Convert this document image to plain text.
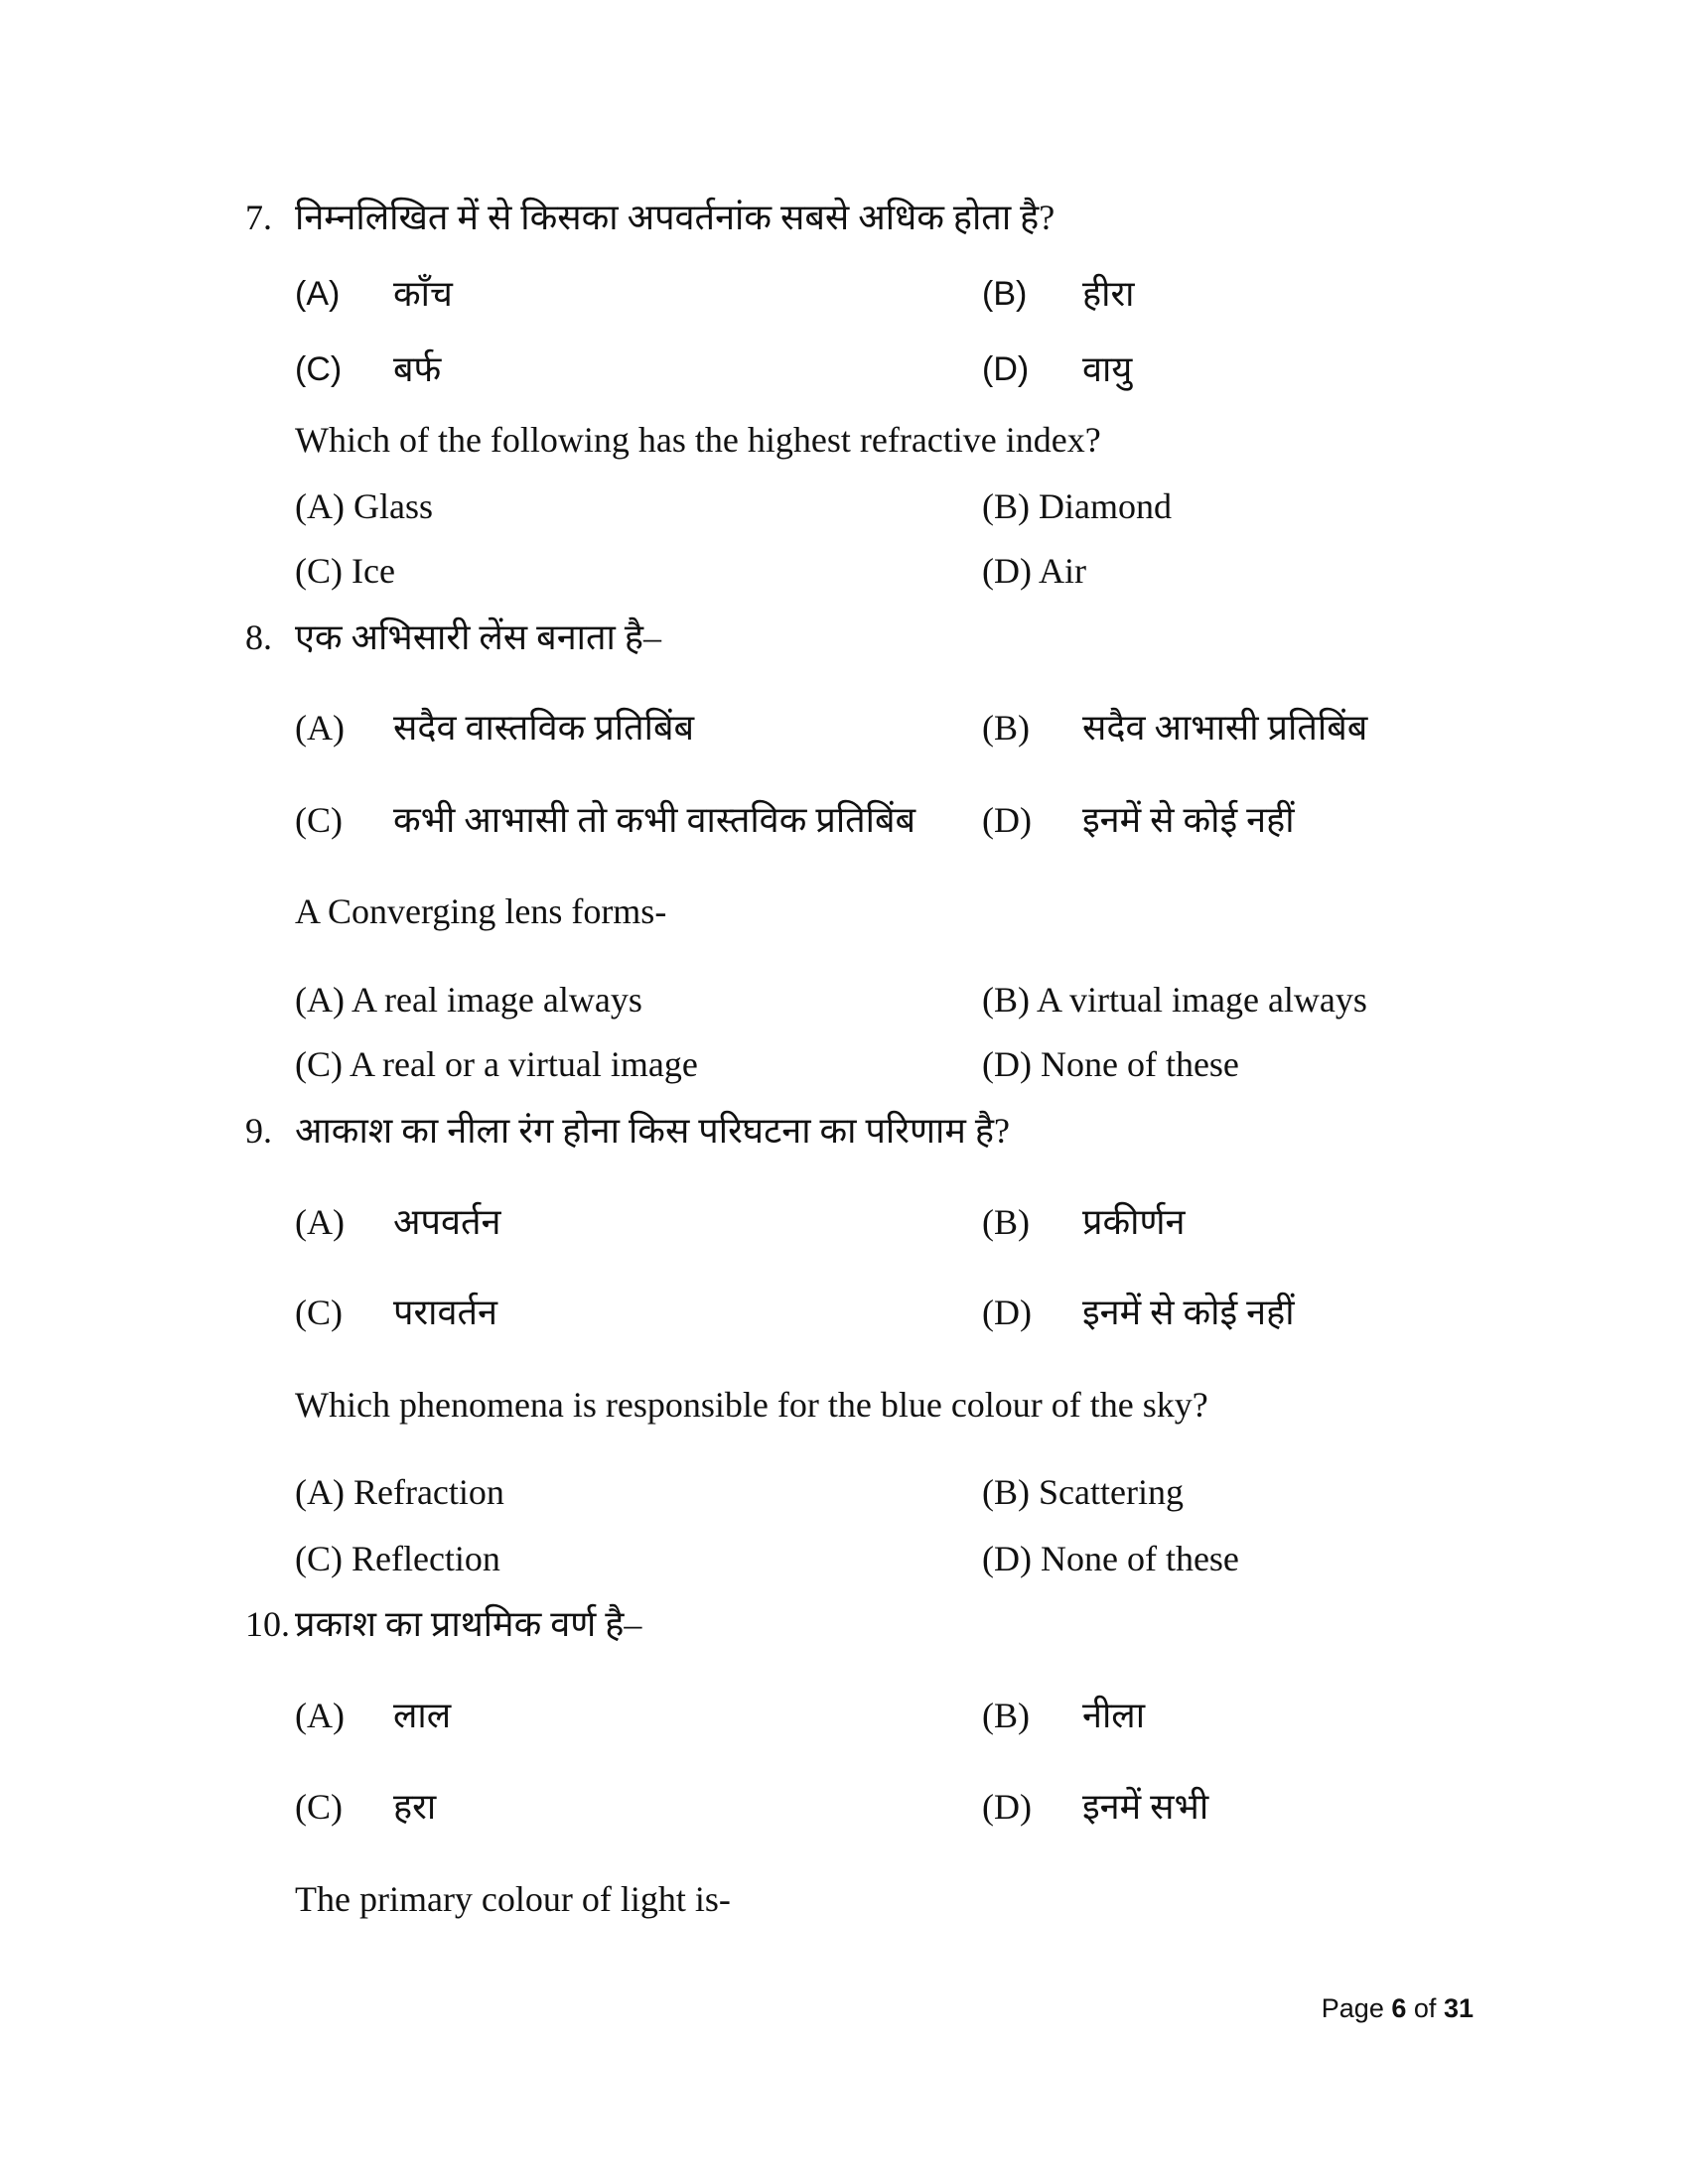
7. निम्नलिखित में से किसका अपवर्तनांक सबसे अधिक होता है?
(A) काँच	(B) हीरा
(C) बर्फ	(D) वायु
Which of the following has the highest refractive index?
(A) Glass	(B) Diamond
(C) Ice	(D) Air
8. एक अभिसारी लेंस बनाता है–
(A) सदैव वास्तविक प्रतिबिंब	(B) सदैव आभासी प्रतिबिंब
(C) कभी आभासी तो कभी वास्तविक प्रतिबिंब (D) इनमें से कोई नहीं
A Converging lens forms-
(A) A real image always	(B) A virtual image always
(C) A real or a virtual image	(D) None of these
9. आकाश का नीला रंग होना किस परिघटना का परिणाम है?
(A) अपवर्तन	(B) प्रकीर्णन
(C) परावर्तन	(D) इनमें से कोई नहीं
Which phenomena is responsible for the blue colour of the sky?
(A) Refraction	(B) Scattering
(C) Reflection	(D) None of these
10. प्रकाश का प्राथमिक वर्ण है–
(A) लाल	(B) नीला
(C) हरा	(D) इनमें सभी
The primary colour of light is-
Page 6 of 31
